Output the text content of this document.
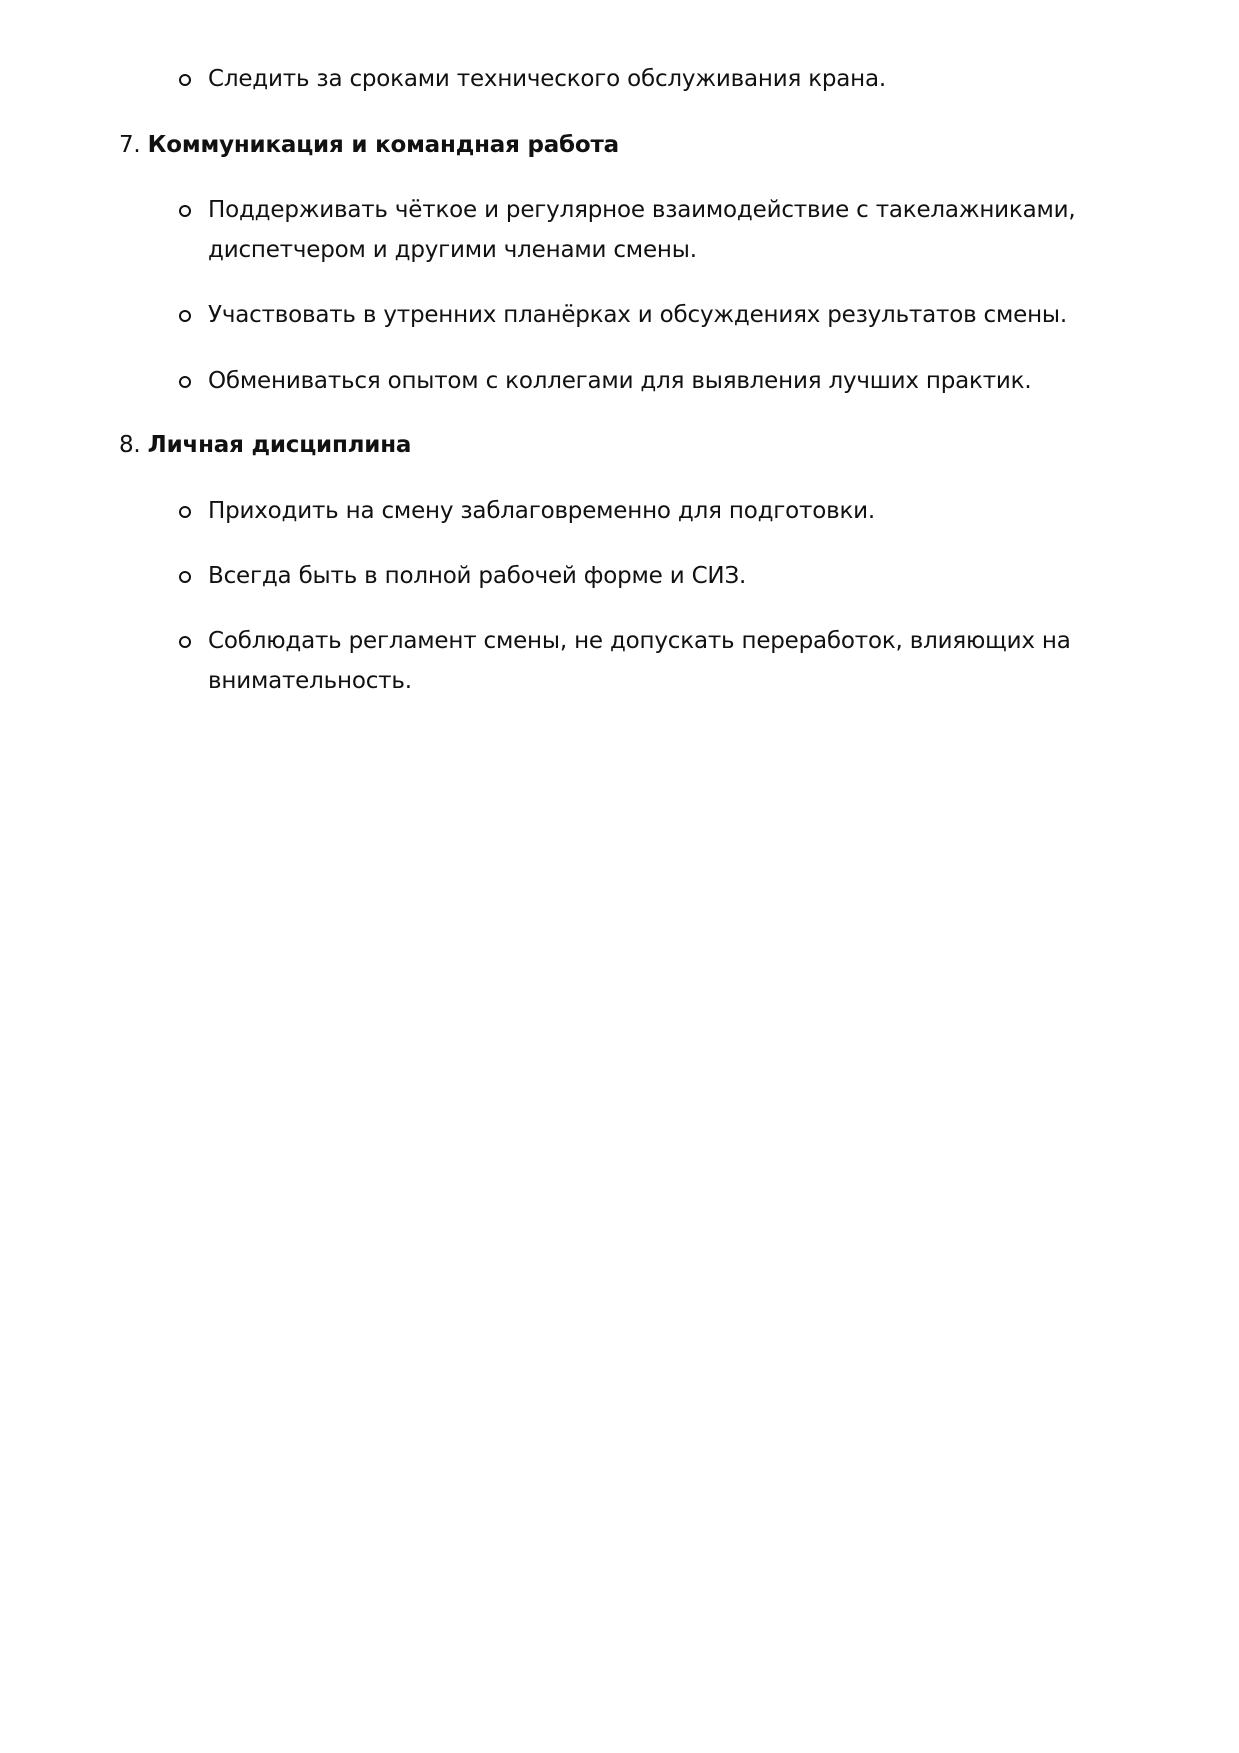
Следить за сроками технического обслуживания крана.
7. Коммуникация и командная работа
Поддерживать чёткое и регулярное взаимодействие с такелажниками,
диспетчером и другими членами смены.
Участвовать в утренних планёрках и обсуждениях результатов смены.
Обмениваться опытом с коллегами для выявления лучших практик.
8. Личная дисциплина
Приходить на смену заблаговременно для подготовки.
Всегда быть в полной рабочей форме и СИЗ.
Соблюдать регламент смены, не допускать переработок, влияющих на
внимательность.
